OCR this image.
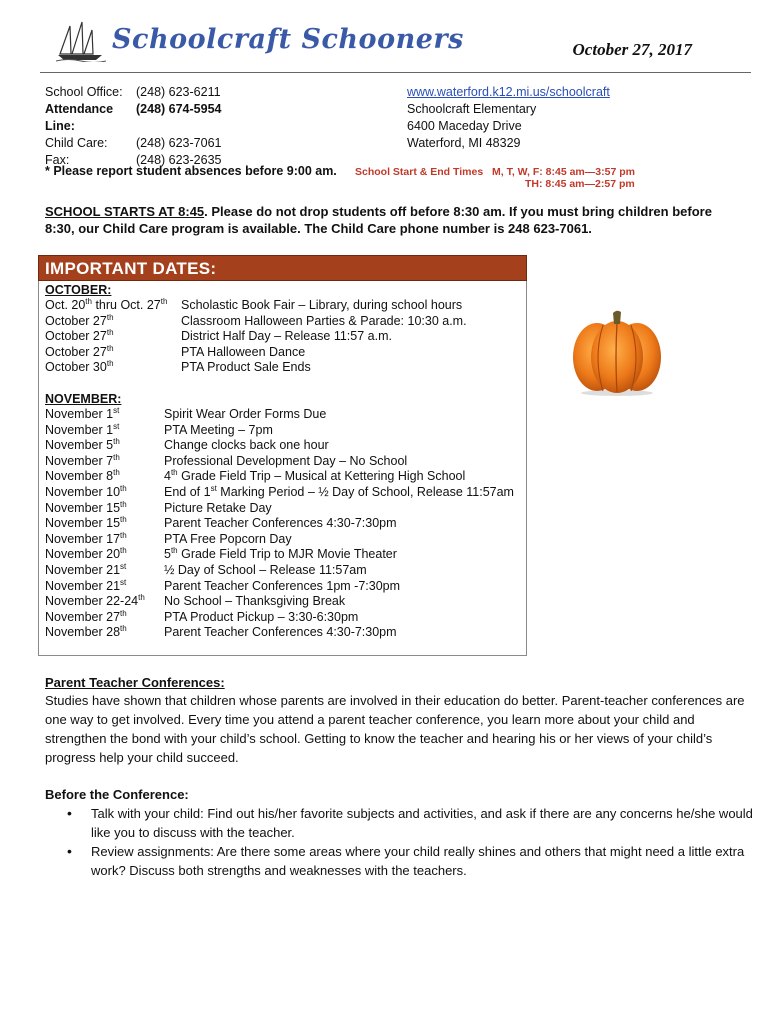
Schoolcraft Schooners	October 27, 2017
School Office:	(248) 623-6211
Attendance Line:
(248) 674-5954
Child Care:	(248) 623-7061
Fax:	(248) 623-2635
www.waterford.k12.mi.us/schoolcraft
Schoolcraft Elementary
6400 Maceday Drive
Waterford, MI 48329
* Please report student absences before 9:00 am. School Start & End Times M, T, W, F: 8:45 am—3:57 pm
TH: 8:45 am—2:57 pm
SCHOOL STARTS AT 8:45. Please do not drop students off before 8:30 am. If you must bring children before 8:30, our Child Care program is available. The Child Care phone number is 248 623-7061.
IMPORTANT DATES:
OCTOBER:
Oct. 20th thru Oct. 27th Scholastic Book Fair – Library, during school hours
October 27th	Classroom Halloween Parties & Parade: 10:30 a.m.
October 27th	District Half Day – Release 11:57 a.m.
October 27th	PTA Halloween Dance
October 30th	PTA Product Sale Ends
NOVEMBER:
November 1st	Spirit Wear Order Forms Due
November 1st	PTA Meeting – 7pm
November 5th	Change clocks back one hour
November 7th	Professional Development Day – No School
November 8th	4th Grade Field Trip – Musical at Kettering High School
November 10th	End of 1st Marking Period – ½ Day of School, Release 11:57am
November 15th	Picture Retake Day
November 15th	Parent Teacher Conferences 4:30-7:30pm
November 17th	PTA Free Popcorn Day
November 20th	5th Grade Field Trip to MJR Movie Theater
November 21st	½ Day of School – Release 11:57am
November 21st	Parent Teacher Conferences 1pm -7:30pm
November 22-24th No School – Thanksgiving Break
November 27th	PTA Product Pickup – 3:30-6:30pm
November 28th	Parent Teacher Conferences 4:30-7:30pm
Parent Teacher Conferences:
Studies have shown that children whose parents are involved in their education do better. Parent-teacher conferences are one way to get involved. Every time you attend a parent teacher conference, you learn more about your child and strengthen the bond with your child’s school. Getting to know the teacher and hearing his or her views of your child’s progress help your child succeed.
Before the Conference:
• Talk with your child: Find out his/her favorite subjects and activities, and ask if there are any concerns he/she would like you to discuss with the teacher.
• Review assignments: Are there some areas where your child really shines and others that might need a little extra work? Discuss both strengths and weaknesses with the teachers.
